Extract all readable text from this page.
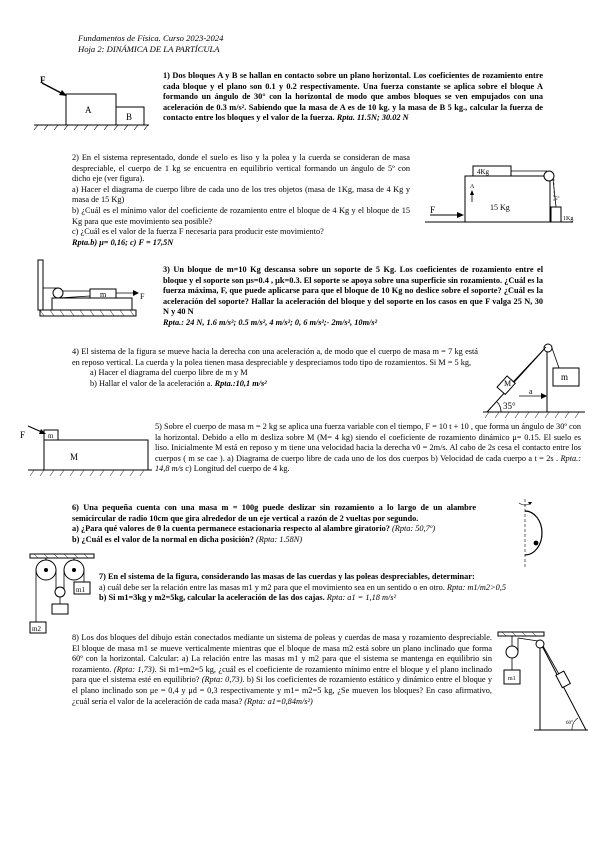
Fundamentos de Física. Curso 2023-2024
Hoja 2: DINÁMICA DE LA PARTÍCULA
F
A
B
1) Dos bloques A y B se hallan en contacto sobre un plano horizontal. Los coeficientes de rozamiento entre cada bloque y el plano son 0.1 y 0.2 respectivamente. Una fuerza constante se aplica sobre el bloque A formando un ángulo de 30° con la horizontal de modo que ambos bloques se ven empujados con una aceleración de 0.3 m/s². Sabiendo que la masa de A es de 10 kg. y la masa de B 5 kg., calcular la fuerza de contacto entre los bloques y el valor de la fuerza. Rpta. 11.5N; 30.02 N

2) En el sistema representado, donde el suelo es liso y la polea y la cuerda se consideran de masa despreciable, el cuerpo de 1 kg se encuentra en equilibrio vertical formando un ángulo de 5º con dicho eje (ver figura).

a) Hacer el diagrama de cuerpo libre de cada uno de los tres objetos (masa de 1Kg, masa de 4 Kg y masa de 15 Kg)

b) ¿Cuál es el mínimo valor del coeficiente de rozamiento entre el bloque de 4 Kg y el bloque de 15 Kg para que este movimiento sea posible?

c) ¿Cuál es el valor de la fuerza F necesaria para producir este movimiento?

Rpta.b) μ= 0,16; c) F = 17,5N

4Kg
15 Kg
1Kg
F
A
5°
m	F
3) Un bloque de m=10 Kg descansa sobre un soporte de 5 Kg. Los coeficientes de rozamiento entre el bloque y el soporte son μs=0.4 , μk=0.3. El soporte se apoya sobre una superficie sin rozamiento. ¿Cuál es la fuerza máxima, F, que puede aplicarse para que el bloque de 10 Kg no deslice sobre el soporte? ¿Cuál es la aceleración del soporte? Hallar la aceleración del bloque y del soporte en los casos en que F valga 25 N, 30 N y 40 N
Rpta.: 24 N, 1.6 m/s²; 0.5 m/s², 4 m/s²; 0, 6 m/s²;- 2m/s², 10m/s²

4) El sistema de la figura se mueve hacia la derecha con una aceleración a, de modo que el cuerpo de masa m = 7 kg está en reposo vertical. La cuerda y la polea tienen masa despreciable y despreciamos todo tipo de rozamientos. Si M = 5 kg,

a) Hacer el diagrama del cuerpo libre de m y M

b) Hallar el valor de la aceleración a. Rpta.:10,1 m/s²	M
m
a
35°
F	m
M
5) Sobre el cuerpo de masa m = 2 kg se aplica una fuerza variable con el tiempo, F = 10 t + 10 , que forma un ángulo de 30º con la horizontal. Debido a ello m desliza sobre M (M= 4 kg) siendo el coeficiente de rozamiento dinámico μ= 0.15. El suelo es liso. Inicialmente M está en reposo y m tiene una velocidad hacia la derecha v0 = 2m/s. Al cabo de 2s cesa el contacto entre los cuerpos ( m se cae ). a) Diagrama de cuerpo libre de cada uno de los dos cuerpos b) Velocidad de cada cuerpo a t = 2s . Rpta.: 14,8 m/s c) Longitud del cuerpo de 4 kg.

6) Una pequeña cuenta con una masa m = 100g puede deslizar sin rozamiento a lo largo de un alambre semicircular de radio 10cm que gira alrededor de un eje vertical a razón de 2 vueltas por segundo.

a) ¿Para qué valores de θ la cuenta permanece estacionaria respecto al alambre giratorio? (Rpta: 50,7º)

b) ¿Cuál es el valor de la normal en dicha posición? (Rpta: 1.58N)

m1
m2

7) En el sistema de la figura, considerando las masas de las cuerdas y las poleas despreciables, determinar:

a) cuál debe ser la relación entre las masas m1 y m2 para que el movimiento sea en un sentido o en otro. Rpta: m1/m2>0,5

b) Si m1=3kg y m2=5kg, calcular la aceleración de las dos cajas. Rpta: a1 = 1,18 m/s²

8) Los dos bloques del dibujo están conectados mediante un sistema de poleas y cuerdas de masa y rozamiento despreciable. El bloque de masa m1 se mueve verticalmente mientras que el bloque de masa m2 está sobre un plano inclinado que forma 60º con la horizontal. Calcular: a) La relación entre las masas m1 y m2 para que el sistema se mantenga en equilibrio sin rozamiento. (Rpta: 1,73). Si m1=m2=5 kg, ¿cuál es el coeficiente de rozamiento mínimo entre el bloque y el plano inclinado para que el sistema esté en equilibrio? (Rpta: 0,73). b) Si los coeficientes de rozamiento estático y dinámico entre el bloque y el plano inclinado son μe = 0,4 y μd = 0,3 respectivamente y m1= m2=5 kg, ¿Se mueven los bloques? En caso afirmativo, ¿cuál sería el valor de la aceleración de cada masa? (Rpta: a1=0,84m/s²)
m1
60°
